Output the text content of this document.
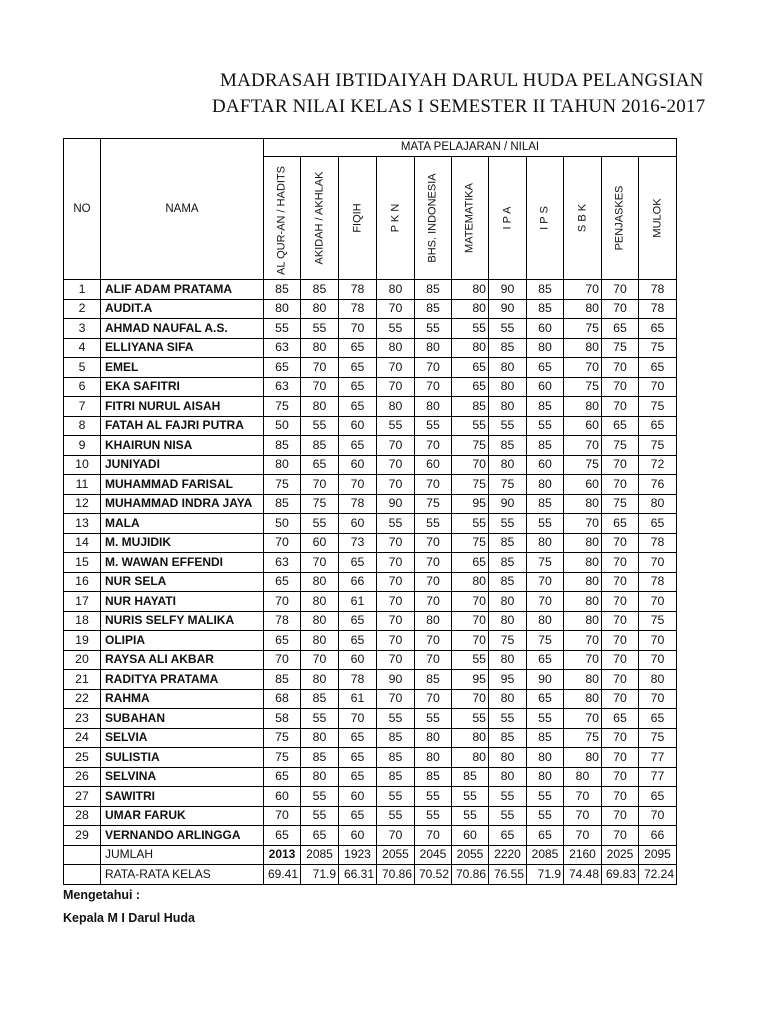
MADRASAH IBTIDAIYAH DARUL HUDA PELANGSIAN
DAFTAR NILAI KELAS I SEMESTER II TAHUN 2016-2017
NO	NAMA	MATA PELAJARAN / NILAI										

		AL QUR-AN / HADITS	AKIDAH / AKHLAK	FIQIH	P K N	BHS. INDONESIA	MATEMATIKA	I P A	I P S	S B K	PENJASKES	MULOK

1	ALIF ADAM PRATAMA	85	85	78	80	85	80	90	85	70	70	78
2	AUDIT.A	80	80	78	70	85	80	90	85	80	70	78
3	AHMAD NAUFAL A.S.	55	55	70	55	55	55	55	60	75	65	65
4	ELLIYANA SIFA	63	80	65	80	80	80	85	80	80	75	75
5	EMEL	65	70	65	70	70	65	80	65	70	70	65
6	EKA SAFITRI	63	70	65	70	70	65	80	60	75	70	70
7	FITRI NURUL AISAH	75	80	65	80	80	85	80	85	80	70	75
8	FATAH AL FAJRI PUTRA	50	55	60	55	55	55	55	55	60	65	65
9	KHAIRUN NISA	85	85	65	70	70	75	85	85	70	75	75
10	JUNIYADI	80	65	60	70	60	70	80	60	75	70	72
11	MUHAMMAD FARISAL	75	70	70	70	70	75	75	80	60	70	76
12	MUHAMMAD INDRA JAYA	85	75	78	90	75	95	90	85	80	75	80
13	MALA	50	55	60	55	55	55	55	55	70	65	65
14	M. MUJIDIK	70	60	73	70	70	75	85	80	80	70	78
15	M. WAWAN EFFENDI	63	70	65	70	70	65	85	75	80	70	70
16	NUR SELA	65	80	66	70	70	80	85	70	80	70	78
17	NUR HAYATI	70	80	61	70	70	70	80	70	80	70	70
18	NURIS SELFY MALIKA	78	80	65	70	80	70	80	80	80	70	75
19	OLIPIA	65	80	65	70	70	70	75	75	70	70	70
20	RAYSA ALI AKBAR	70	70	60	70	70	55	80	65	70	70	70
21	RADITYA PRATAMA	85	80	78	90	85	95	95	90	80	70	80
22	RAHMA	68	85	61	70	70	70	80	65	80	70	70
23	SUBAHAN	58	55	70	55	55	55	55	55	70	65	65
24	SELVIA	75	80	65	85	80	80	85	85	75	70	75
25	SULISTIA	75	85	65	85	80	80	80	80	80	70	77
26	SELVINA	65	80	65	85	85	85	80	80	80	70	77
27	SAWITRI	60	55	60	55	55	55	55	55	70	70	65
28	UMAR FARUK	70	55	65	55	55	55	55	55	70	70	70
29	VERNANDO ARLINGGA	65	65	60	70	70	60	65	65	70	70	66
	JUMLAH	2013	2085	1923	2055	2045	2055	2220	2085	2160	2025	2095
	RATA-RATA KELAS	69.41	71.9	66.31	70.86	70.52	70.86	76.55	71.9	74.48	69.83	72.24
Mengetahui :
Kepala M I Darul Huda
